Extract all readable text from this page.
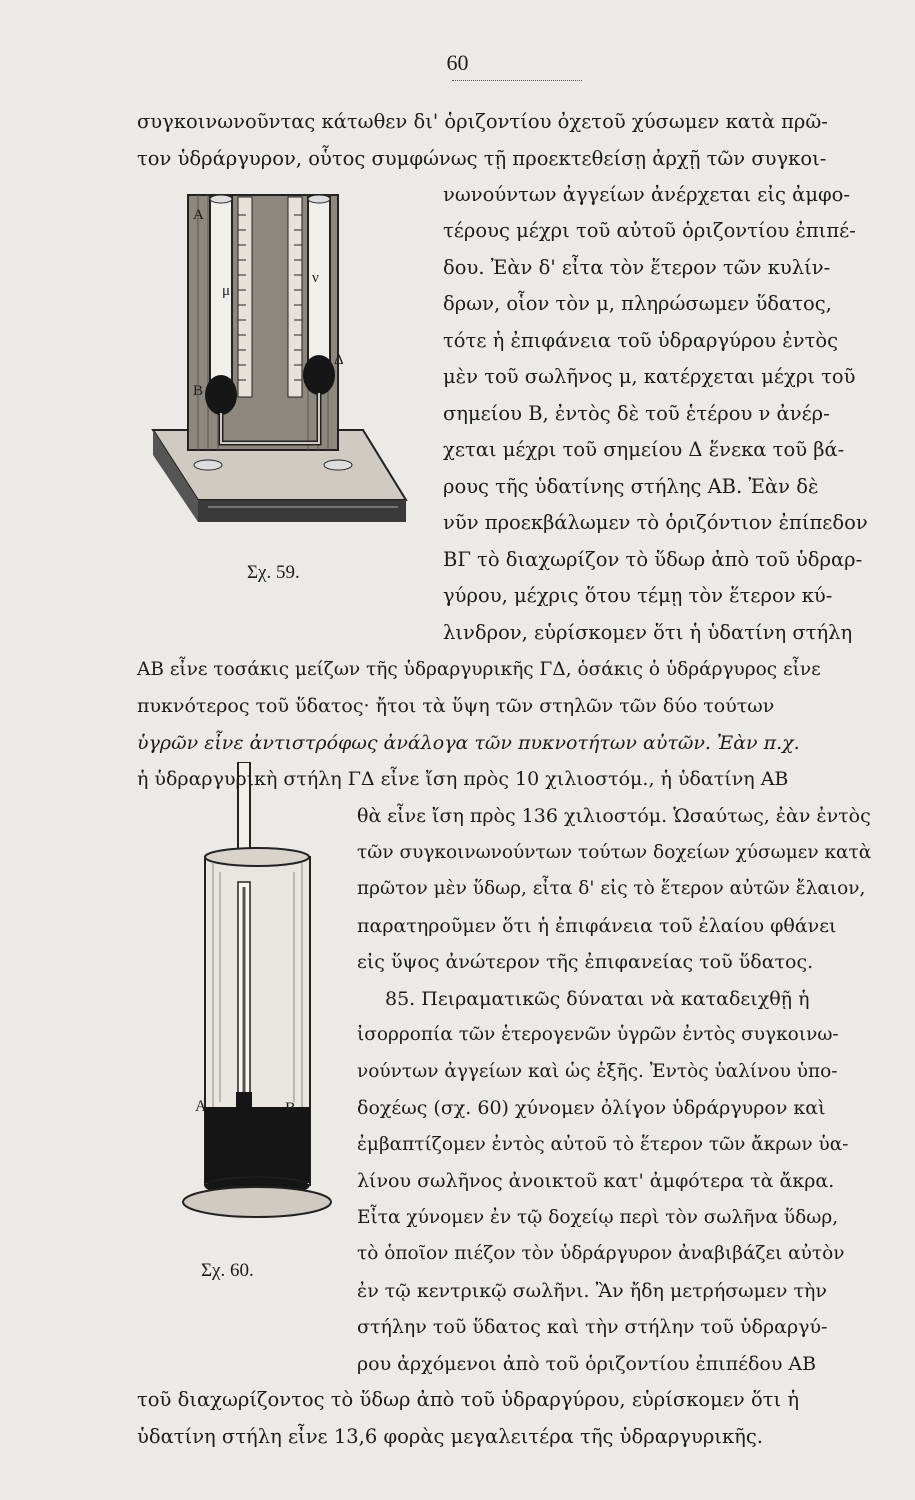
60
A
μ
ν
B
Δ
Σχ. 59.
A	B
Σχ. 60.
συγκοινωνοῦντας κάτωθεν δι' ὁριζοντίου ὀχετοῦ χύσωμεν κατὰ πρῶ-
τον ὑδράργυρον, οὗτος συμφώνως τῇ προεκτεθείσῃ ἀρχῇ τῶν συγκοι-
νωνούντων ἀγγείων ἀνέρχεται εἰς ἀμφο-
τέρους μέχρι τοῦ αὐτοῦ ὁριζοντίου ἐπιπέ-
δου. Ἐὰν δ' εἶτα τὸν ἕτερον τῶν κυλίν-
δρων, οἷον τὸν μ, πληρώσωμεν ὕδατος,
τότε ἡ ἐπιφάνεια τοῦ ὑδραργύρου ἐντὸς
μὲν τοῦ σωλῆνος μ, κατέρχεται μέχρι τοῦ
σημείου Β, ἐντὸς δὲ τοῦ ἑτέρου ν ἀνέρ-
χεται μέχρι τοῦ σημείου Δ ἕνεκα τοῦ βά-
ρους τῆς ὑδατίνης στήλης ΑΒ. Ἐὰν δὲ
νῦν προεκβάλωμεν τὸ ὁριζόντιον ἐπίπεδον
ΒΓ τὸ διαχωρίζον τὸ ὕδωρ ἀπὸ τοῦ ὑδραρ-
γύρου, μέχρις ὅτου τέμῃ τὸν ἕτερον κύ-
λινδρον, εὑρίσκομεν ὅτι ἡ ὑδατίνη στήλη
ΑΒ εἶνε τοσάκις μείζων τῆς ὑδραργυρικῆς ΓΔ, ὁσάκις ὁ ὑδράργυρος εἶνε
πυκνότερος τοῦ ὕδατος· ἤτοι τὰ ὕψη τῶν στηλῶν τῶν δύο τούτων
ὑγρῶν εἶνε ἀντιστρόφως ἀνάλογα τῶν πυκνοτήτων αὐτῶν. Ἐὰν π.χ.
ἡ ὑδραργυρικὴ στήλη ΓΔ εἶνε ἴση πρὸς 10 χιλιοστόμ., ἡ ὑδατίνη ΑΒ
θὰ εἶνε ἴση πρὸς 136 χιλιοστόμ. Ὡσαύτως, ἐὰν ἐντὸς
τῶν συγκοινωνούντων τούτων δοχείων χύσωμεν κατὰ
πρῶτον μὲν ὕδωρ, εἶτα δ' εἰς τὸ ἕτερον αὐτῶν ἔλαιον,
παρατηροῦμεν ὅτι ἡ ἐπιφάνεια τοῦ ἐλαίου φθάνει
εἰς ὕψος ἀνώτερον τῆς ἐπιφανείας τοῦ ὕδατος.
85. Πειραματικῶς δύναται νὰ καταδειχθῇ ἡ
ἰσορροπία τῶν ἑτερογενῶν ὑγρῶν ἐντὸς συγκοινω-
νούντων ἀγγείων καὶ ὡς ἑξῆς. Ἐντὸς ὑαλίνου ὑπο-
δοχέως (σχ. 60) χύνομεν ὀλίγον ὑδράργυρον καὶ
ἐμβαπτίζομεν ἐντὸς αὐτοῦ τὸ ἕτερον τῶν ἄκρων ὑα-
λίνου σωλῆνος ἀνοικτοῦ κατ' ἀμφότερα τὰ ἄκρα.
Εἶτα χύνομεν ἐν τῷ δοχείῳ περὶ τὸν σωλῆνα ὕδωρ,
τὸ ὁποῖον πιέζον τὸν ὑδράργυρον ἀναβιβάζει αὐτὸν
ἐν τῷ κεντρικῷ σωλῆνι. Ἂν ἤδη μετρήσωμεν τὴν
στήλην τοῦ ὕδατος καὶ τὴν στήλην τοῦ ὑδραργύ-
ρου ἀρχόμενοι ἀπὸ τοῦ ὁριζοντίου ἐπιπέδου ΑΒ
τοῦ διαχωρίζοντος τὸ ὕδωρ ἀπὸ τοῦ ὑδραργύρου, εὑρίσκομεν ὅτι ἡ
ὑδατίνη στήλη εἶνε 13,6 φορὰς μεγαλειτέρα τῆς ὑδραργυρικῆς.
